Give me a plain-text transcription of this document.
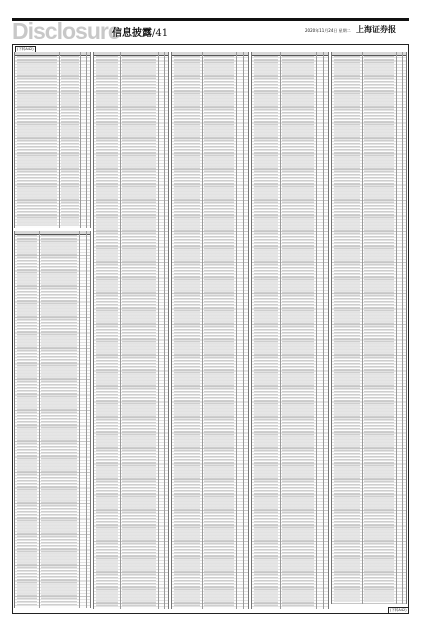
Disclosure
信息披露/41	2020年11月24日 星期二 上海证券报
(下转A42)
(下转A42)
